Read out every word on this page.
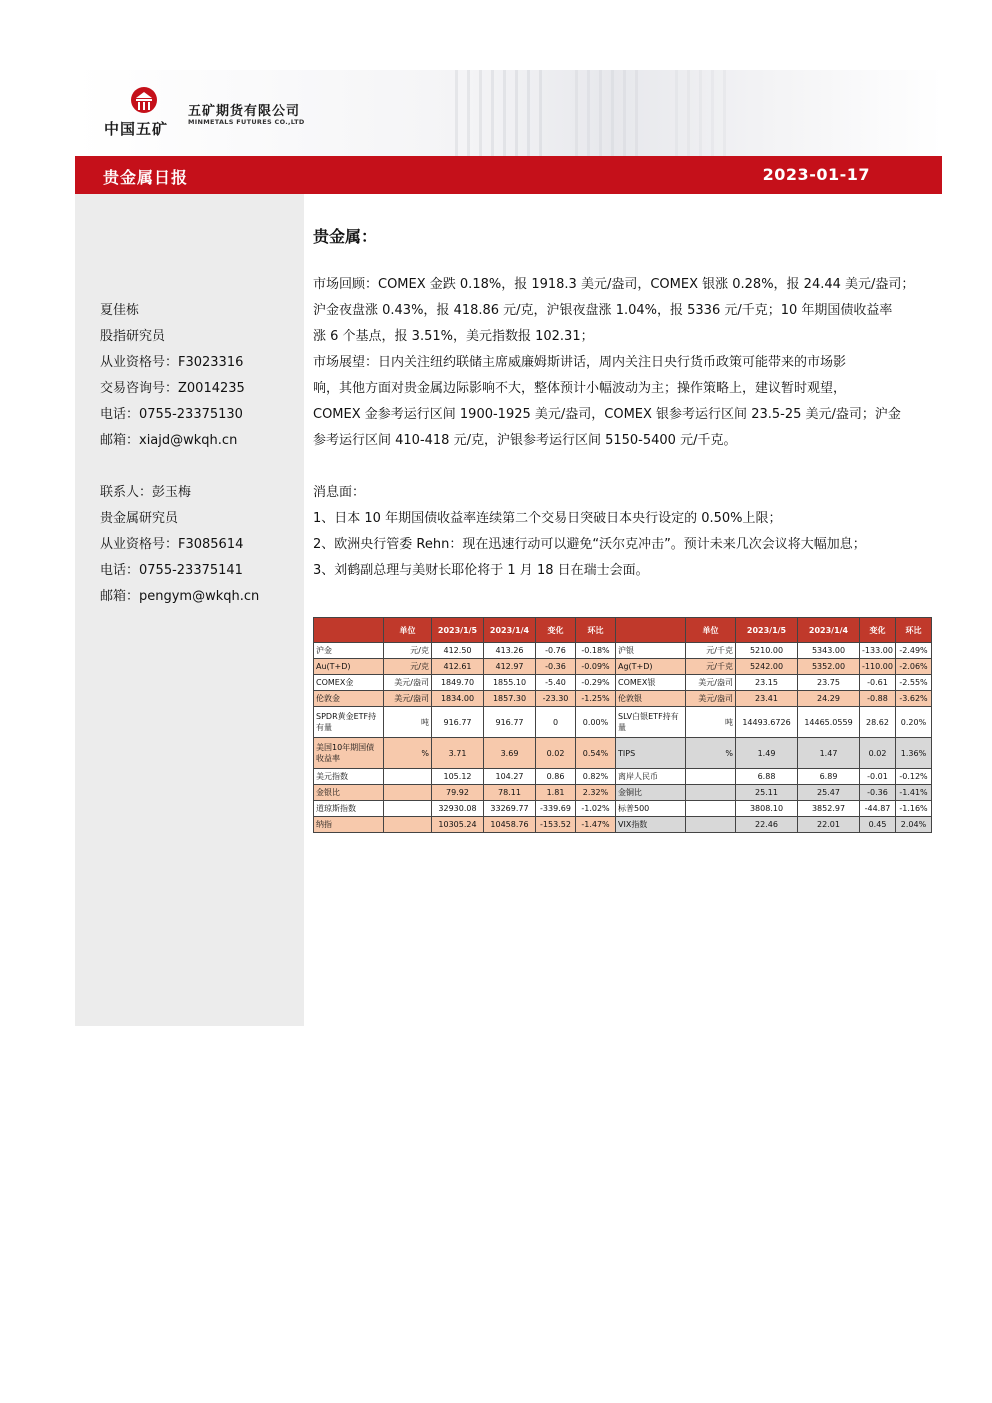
中国五矿
五矿期货有限公司
MINMETALS FUTURES CO.,LTD
贵金属日报	2023-01-17
夏佳栋
股指研究员
从业资格号：F3023316
交易咨询号：Z0014235
电话：0755-23375130
邮箱：xiajd@wkqh.cn
联系人：彭玉梅
贵金属研究员
从业资格号：F3085614
电话：0755-23375141
邮箱：pengym@wkqh.cn
贵金属：
市场回顾：COMEX 金跌 0.18%，报 1918.3 美元/盎司，COMEX 银涨 0.28%，报 24.44 美元/盎司；
沪金夜盘涨 0.43%，报 418.86 元/克，沪银夜盘涨 1.04%，报 5336 元/千克；10 年期国债收益率
涨 6 个基点，报 3.51%，美元指数报 102.31；
市场展望：日内关注纽约联储主席威廉姆斯讲话，周内关注日央行货币政策可能带来的市场影
响，其他方面对贵金属边际影响不大，整体预计小幅波动为主；操作策略上，建议暂时观望，
COMEX 金参考运行区间 1900-1925 美元/盎司，COMEX 银参考运行区间 23.5-25 美元/盎司；沪金
参考运行区间 410-418 元/克，沪银参考运行区间 5150-5400 元/千克。
消息面：
1、日本 10 年期国债收益率连续第二个交易日突破日本央行设定的 0.50%上限；
2、欧洲央行管委 Rehn：现在迅速行动可以避免“沃尔克冲击”。预计未来几次会议将大幅加息；
3、刘鹤副总理与美财长耶伦将于 1 月 18 日在瑞士会面。
	单位	2023/1/5	2023/1/4	变化	环比		单位	2023/1/5	2023/1/4	变化	环比
沪金	元/克	412.50	413.26	-0.76	-0.18%	沪银	元/千克	5210.00	5343.00	-133.00	-2.49%
Au(T+D)	元/克	412.61	412.97	-0.36	-0.09%	Ag(T+D)	元/千克	5242.00	5352.00	-110.00	-2.06%
COMEX金	美元/盎司	1849.70	1855.10	-5.40	-0.29%	COMEX银	美元/盎司	23.15	23.75	-0.61	-2.55%
伦敦金	美元/盎司	1834.00	1857.30	-23.30	-1.25%	伦敦银	美元/盎司	23.41	24.29	-0.88	-3.62%
SPDR黄金ETF持有量	吨	916.77	916.77	0	0.00%	SLV白银ETF持有量	吨	14493.6726	14465.0559	28.62	0.20%
美国10年期国债收益率	%	3.71	3.69	0.02	0.54%	TIPS	%	1.49	1.47	0.02	1.36%
美元指数		105.12	104.27	0.86	0.82%	离岸人民币		6.88	6.89	-0.01	-0.12%
金银比		79.92	78.11	1.81	2.32%	金铜比		25.11	25.47	-0.36	-1.41%
道琼斯指数		32930.08	33269.77	-339.69	-1.02%	标普500		3808.10	3852.97	-44.87	-1.16%
纳指		10305.24	10458.76	-153.52	-1.47%	VIX指数		22.46	22.01	0.45	2.04%
